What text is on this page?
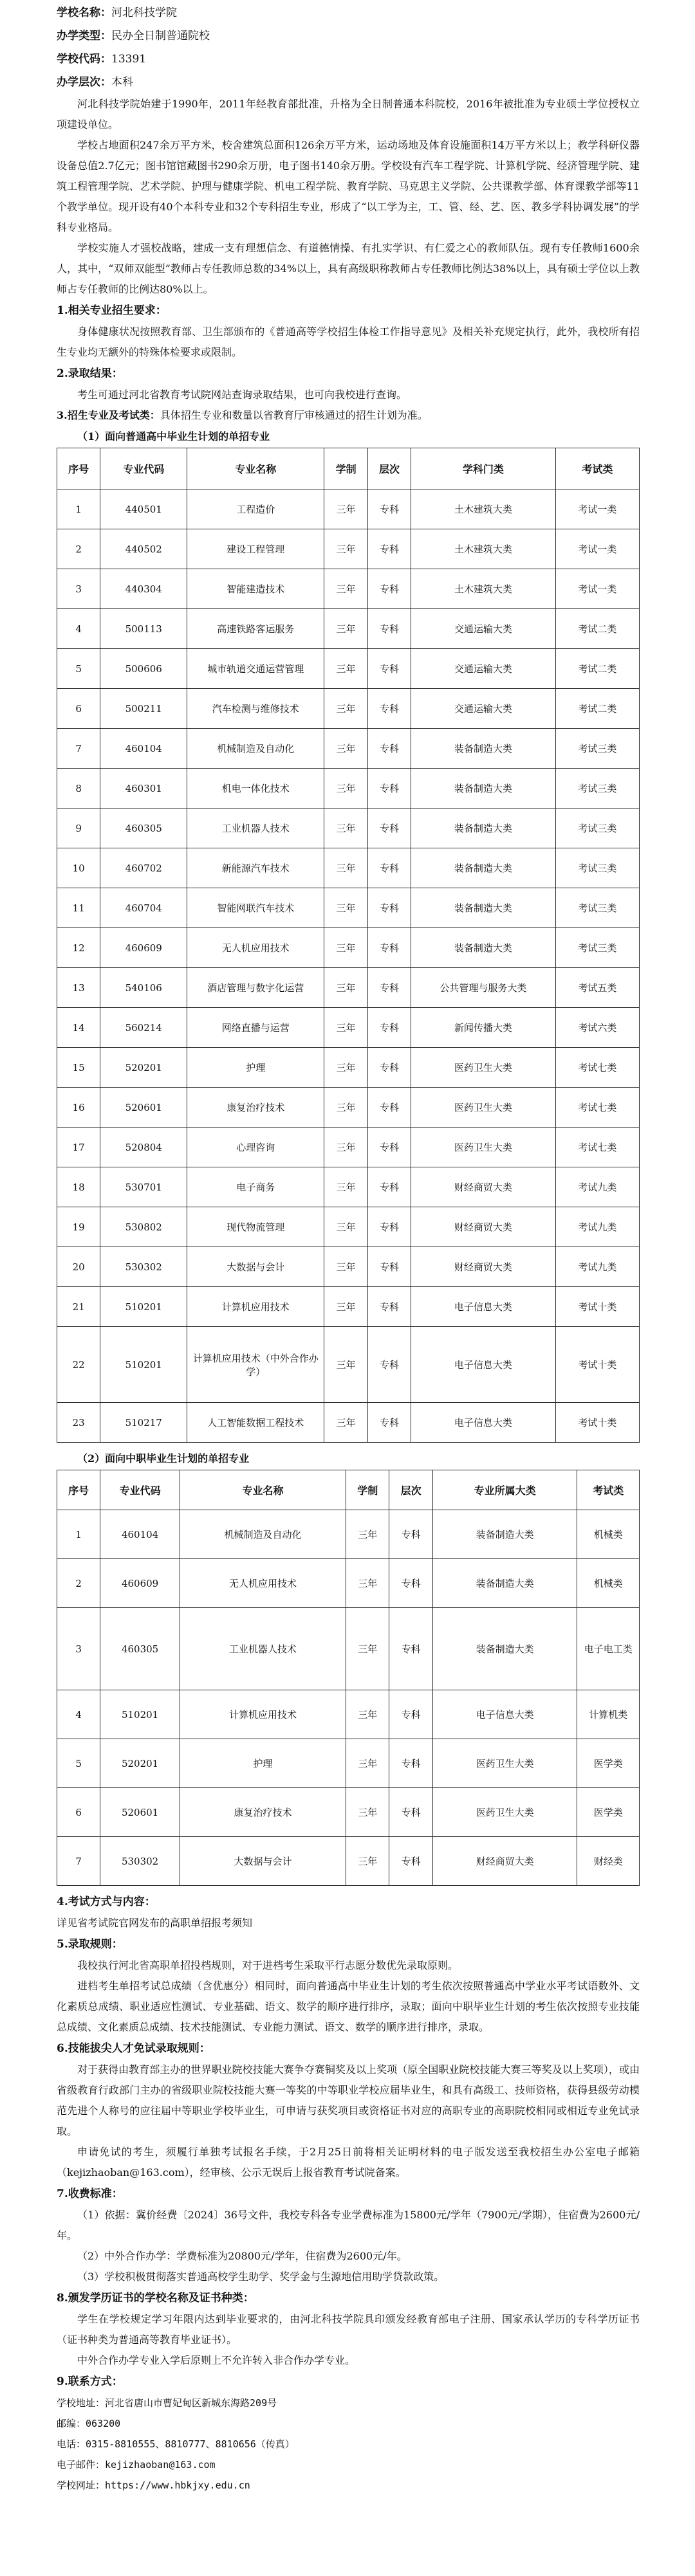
学校名称：河北科技学院
办学类型：民办全日制普通院校
学校代码：13391
办学层次：本科

河北科技学院始建于1990年，2011年经教育部批准，升格为全日制普通本科院校，2016年被批准为专业硕士学位授权立项建设单位。

学校占地面积247余万平方米，校舍建筑总面积126余万平方米，运动场地及体育设施面积14万平方米以上；教学科研仪器设备总值2.7亿元；图书馆馆藏图书290余万册，电子图书140余万册。学校设有汽车工程学院、计算机学院、经济管理学院、建筑工程管理学院、艺术学院、护理与健康学院、机电工程学院、教育学院、马克思主义学院、公共课教学部、体育课教学部等11个教学单位。现开设有40个本科专业和32个专科招生专业，形成了“以工学为主，工、管、经、艺、医、教多学科协调发展”的学科专业格局。

学校实施人才强校战略，建成一支有理想信念、有道德情操、有扎实学识、有仁爱之心的教师队伍。现有专任教师1600余人，其中，“双师双能型”教师占专任教师总数的34%以上，具有高级职称教师占专任教师比例达38%以上，具有硕士学位以上教师占专任教师的比例达80%以上。

1.相关专业招生要求：

身体健康状况按照教育部、卫生部颁布的《普通高等学校招生体检工作指导意见》及相关补充规定执行，此外，我校所有招生专业均无额外的特殊体检要求或限制。

2.录取结果：

考生可通过河北省教育考试院网站查询录取结果，也可向我校进行查询。

3.招生专业及考试类：具体招生专业和数量以省教育厅审核通过的招生计划为准。

（1）面向普通高中毕业生计划的单招专业

序号	专业代码	专业名称	学制	层次	学科门类	考试类
1	440501	工程造价	三年	专科	土木建筑大类	考试一类
2	440502	建设工程管理	三年	专科	土木建筑大类	考试一类
3	440304	智能建造技术	三年	专科	土木建筑大类	考试一类
4	500113	高速铁路客运服务	三年	专科	交通运输大类	考试二类
5	500606	城市轨道交通运营管理	三年	专科	交通运输大类	考试二类
6	500211	汽车检测与维修技术	三年	专科	交通运输大类	考试二类
7	460104	机械制造及自动化	三年	专科	装备制造大类	考试三类
8	460301	机电一体化技术	三年	专科	装备制造大类	考试三类
9	460305	工业机器人技术	三年	专科	装备制造大类	考试三类
10	460702	新能源汽车技术	三年	专科	装备制造大类	考试三类
11	460704	智能网联汽车技术	三年	专科	装备制造大类	考试三类
12	460609	无人机应用技术	三年	专科	装备制造大类	考试三类
13	540106	酒店管理与数字化运营	三年	专科	公共管理与服务大类	考试五类
14	560214	网络直播与运营	三年	专科	新闻传播大类	考试六类
15	520201	护理	三年	专科	医药卫生大类	考试七类
16	520601	康复治疗技术	三年	专科	医药卫生大类	考试七类
17	520804	心理咨询	三年	专科	医药卫生大类	考试七类
18	530701	电子商务	三年	专科	财经商贸大类	考试九类
19	530802	现代物流管理	三年	专科	财经商贸大类	考试九类
20	530302	大数据与会计	三年	专科	财经商贸大类	考试九类
21	510201	计算机应用技术	三年	专科	电子信息大类	考试十类
22	510201	计算机应用技术（中外合作办学）	三年	专科	电子信息大类	考试十类
23	510217	人工智能数据工程技术	三年	专科	电子信息大类	考试十类

（2）面向中职毕业生计划的单招专业

序号	专业代码	专业名称	学制	层次	专业所属大类	考试类
1	460104	机械制造及自动化	三年	专科	装备制造大类	机械类
2	460609	无人机应用技术	三年	专科	装备制造大类	机械类
3	460305	工业机器人技术	三年	专科	装备制造大类	电子电工类
4	510201	计算机应用技术	三年	专科	电子信息大类	计算机类
5	520201	护理	三年	专科	医药卫生大类	医学类
6	520601	康复治疗技术	三年	专科	医药卫生大类	医学类
7	530302	大数据与会计	三年	专科	财经商贸大类	财经类

4.考试方式与内容：

详见省考试院官网发布的高职单招报考须知

5.录取规则：

我校执行河北省高职单招投档规则，对于进档考生采取平行志愿分数优先录取原则。

进档考生单招考试总成绩（含优惠分）相同时，面向普通高中毕业生计划的考生依次按照普通高中学业水平考试语数外、文化素质总成绩、职业适应性测试、专业基础、语文、数学的顺序进行排序，录取；面向中职毕业生计划的考生依次按照专业技能总成绩、文化素质总成绩、技术技能测试、专业能力测试、语文、数学的顺序进行排序，录取。

6.技能拔尖人才免试录取规则：

对于获得由教育部主办的世界职业院校技能大赛争夺赛铜奖及以上奖项（原全国职业院校技能大赛三等奖及以上奖项），或由省级教育行政部门主办的省级职业院校技能大赛一等奖的中等职业学校应届毕业生，和具有高级工、技师资格，获得县级劳动模范先进个人称号的应往届中等职业学校毕业生，可申请与获奖项目或资格证书对应的高职专业的高职院校相同或相近专业免试录取。

申请免试的考生，须履行单独考试报名手续，于2月25日前将相关证明材料的电子版发送至我校招生办公室电子邮箱（kejizhaoban@163.com），经审核、公示无误后上报省教育考试院备案。

7.收费标准：

（1）依据：冀价经费〔2024〕36号文件，我校专科各专业学费标准为15800元/学年（7900元/学期），住宿费为2600元/年。

（2）中外合作办学：学费标准为20800元/学年，住宿费为2600元/年。

（3）学校积极贯彻落实普通高校学生助学、奖学金与生源地信用助学贷款政策。

8.颁发学历证书的学校名称及证书种类：

学生在学校规定学习年限内达到毕业要求的，由河北科技学院具印颁发经教育部电子注册、国家承认学历的专科学历证书（证书种类为普通高等教育毕业证书）。

中外合作办学专业入学后原则上不允许转入非合作办学专业。

9.联系方式：

学校地址：河北省唐山市曹妃甸区新城东海路209号

邮编：063200

电话：0315-8810555、8810777、8810656（传真）

电子邮件：kejizhaoban@163.com

学校网址：https://www.hbkjxy.edu.cn
